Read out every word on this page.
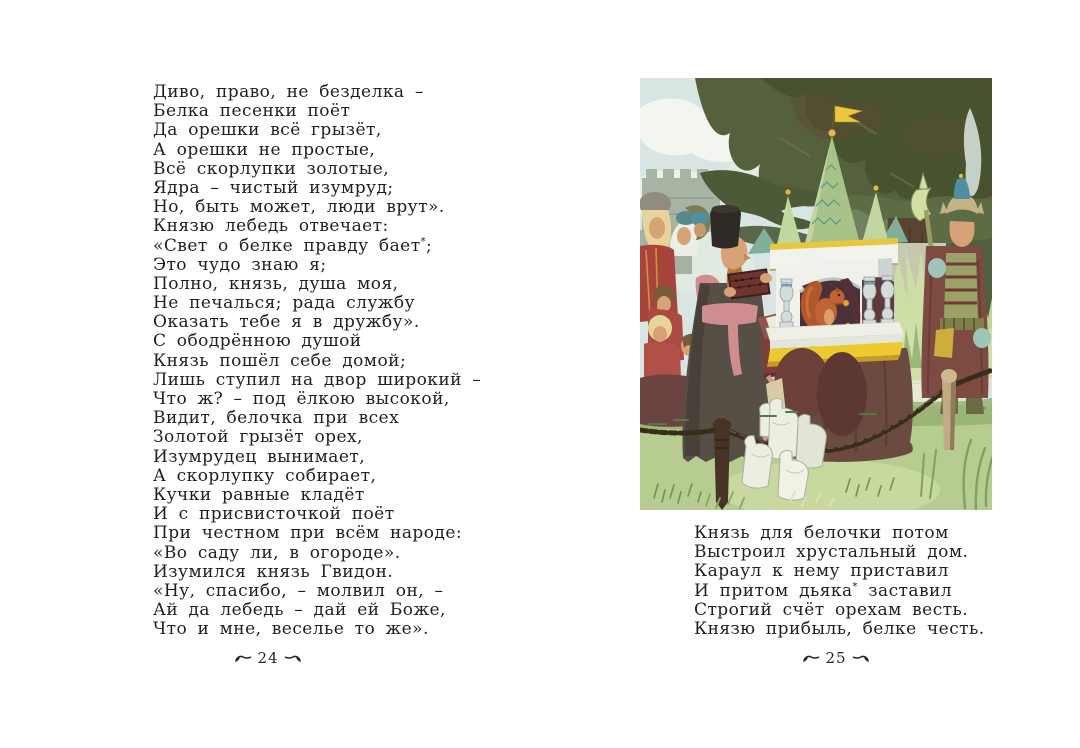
Диво, право, не безделка –
Белка песенки поёт
Да орешки всё грызёт,
А орешки не простые,
Всё скорлупки золотые,
Ядра – чистый изумруд;
Но, быть может, люди врут».
Князю лебедь отвечает:
«Свет о белке правду бает*;
Это чудо знаю я;
Полно, князь, душа моя,
Не печалься; рада службу
Оказать тебе я в дружбу».
С ободрённою душой
Князь пошёл себе домой;
Лишь ступил на двор широкий –
Что ж? – под ёлкою высокой,
Видит, белочка при всех
Золотой грызёт орех,
Изумрудец вынимает,
А скорлупку собирает,
Кучки равные кладёт
И с присвисточкой поёт
При честном при всём народе:
«Во саду ли, в огороде».
Изумился князь Гвидон.
«Ну, спасибо, – молвил он, –
Ай да лебедь – дай ей Боже,
Что и мне, веселье то же».
24
Князь для белочки потом
Выстроил хрустальный дом.
Караул к нему приставил
И притом дьяка* заставил
Строгий счёт орехам весть.
Князю прибыль, белке честь.
25
